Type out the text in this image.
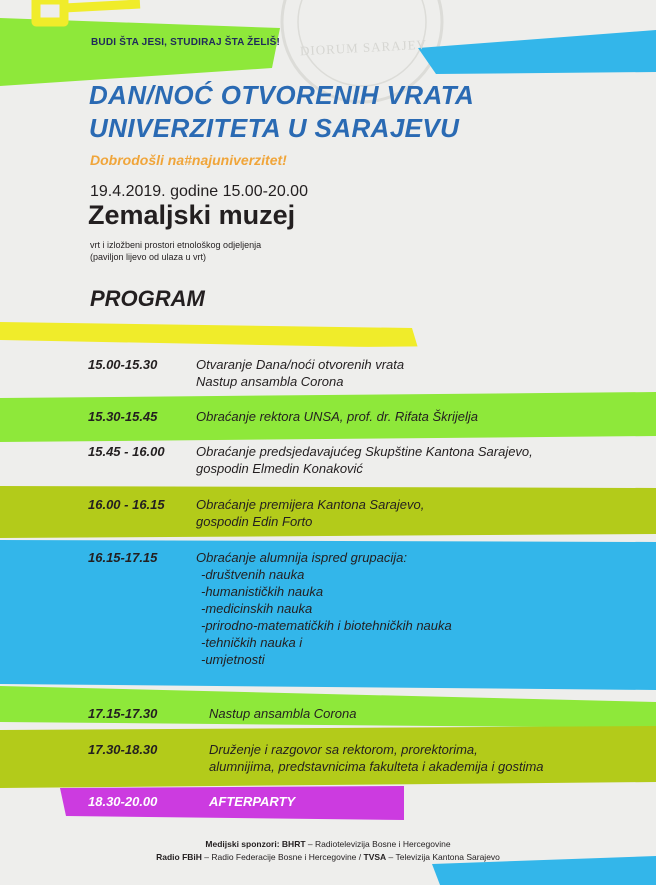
DIORUM SARAJEV
BUDI ŠTA JESI, STUDIRAJ ŠTA ŽELIŠ!
DAN/NOĆ OTVORENIH VRATA
UNIVERZITETA U SARAJEVU
Dobrodošli na#najuniverzitet!
19.4.2019. godine 15.00-20.00
Zemaljski muzej
vrt i izložbeni prostori etnološkog odjeljenja
(paviljon lijevo od ulaza u vrt)
PROGRAM
15.00-15.30	Otvaranje Dana/noći otvorenih vrata
Nastup ansambla Corona
15.30-15.45	Obraćanje rektora UNSA, prof. dr. Rifata Škrijelja
15.45 - 16.00 Obraćanje predsjedavajućeg Skupštine Kantona Sarajevo,
gospodin Elmedin Konaković
16.00 - 16.15 Obraćanje premijera Kantona Sarajevo,
gospodin Edin Forto
16.15-17.15	Obraćanje alumnija ispred grupacija:
-društvenih nauka
-humanističkih nauka
-medicinskih nauka
-prirodno-matematičkih i biotehničkih nauka
-tehničkih nauka i
-umjetnosti
17.15-17.30	Nastup ansambla Corona
17.30-18.30	Druženje i razgovor sa rektorom, prorektorima,
alumnijima, predstavnicima fakulteta i akademija i gostima
18.30-20.00	AFTERPARTY
Medijski sponzori: BHRT – Radiotelevizija Bosne i Hercegovine
Radio FBiH – Radio Federacije Bosne i Hercegovine / TVSA – Televizija Kantona Sarajevo
